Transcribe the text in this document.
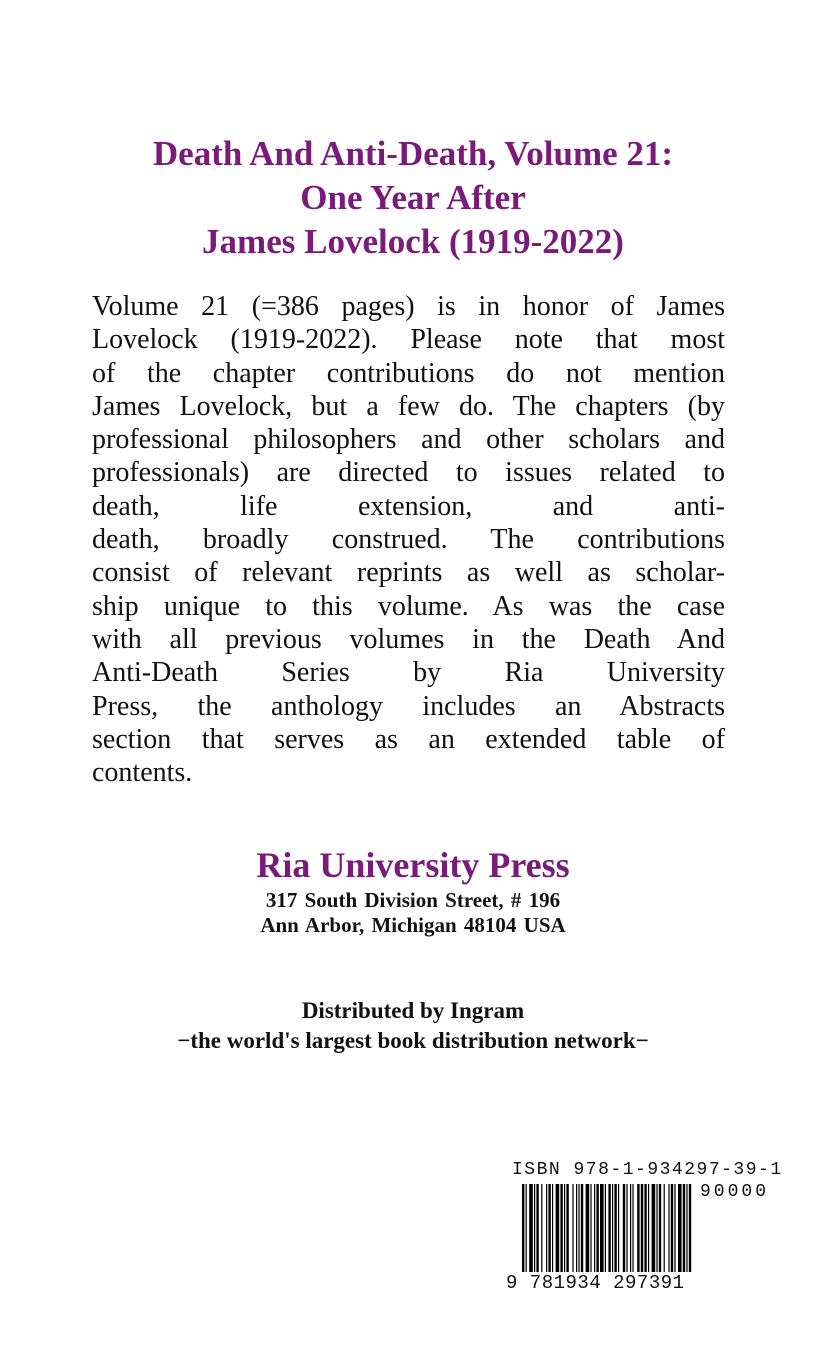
Death And Anti-Death, Volume 21:
One Year After
James Lovelock (1919-2022)
Volume 21 (=386 pages) is in honor of James
Lovelock (1919-2022). Please note that most
of the chapter contributions do not mention
James Lovelock, but a few do. The chapters (by
professional philosophers and other scholars and
professionals) are directed to issues related to
death, life extension, and anti-
death, broadly construed. The contributions
consist of relevant reprints as well as scholar-
ship unique to this volume. As was the case
with all previous volumes in the Death And
Anti-Death Series by Ria University
Press, the anthology includes an Abstracts
section that serves as an extended table of
contents.
Ria University Press
317 South Division Street, # 196
Ann Arbor, Michigan 48104 USA
Distributed by Ingram
−the world's largest book distribution network−
ISBN 978-1-934297-39-1
90000
9 781934 297391
